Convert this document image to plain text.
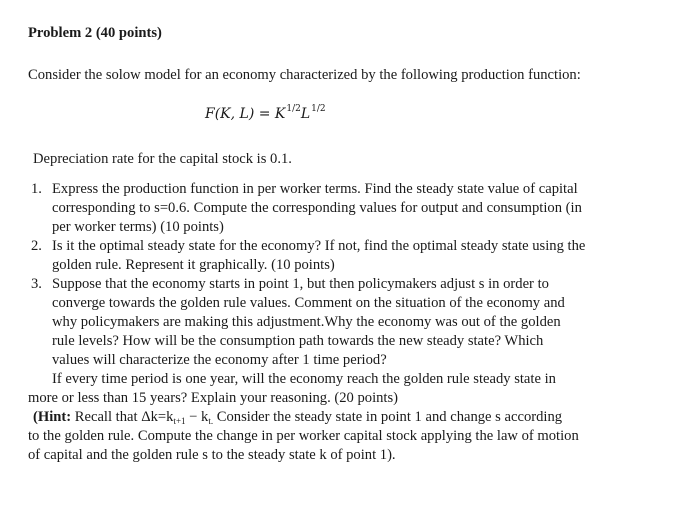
Problem 2 (40 points)
Consider the solow model for an economy characterized by the following production function:
F(K, L) = K1/2L1/2
Depreciation rate for the capital stock is 0.1.
1. Express the production function in per worker terms. Find the steady state value of capital
corresponding to s=0.6. Compute the corresponding values for output and consumption (in
per worker terms) (10 points)
2. Is it the optimal steady state for the economy? If not, find the optimal steady state using the
golden rule. Represent it graphically. (10 points)
3. Suppose that the economy starts in point 1, but then policymakers adjust s in order to
converge towards the golden rule values. Comment on the situation of the economy and
why policymakers are making this adjustment.Why the economy was out of the golden
rule levels? How will be the consumption path towards the new steady state? Which
values will characterize the economy after 1 time period?
If every time period is one year, will the economy reach the golden rule steady state in
more or less than 15 years? Explain your reasoning. (20 points)
(Hint: Recall that $\Delta k=k_{t+1} - k_{t.}$ Consider the steady state in point 1 and change s according
to the golden rule. Compute the change in per worker capital stock applying the law of motion
of capital and the golden rule s to the steady state k of point 1).
